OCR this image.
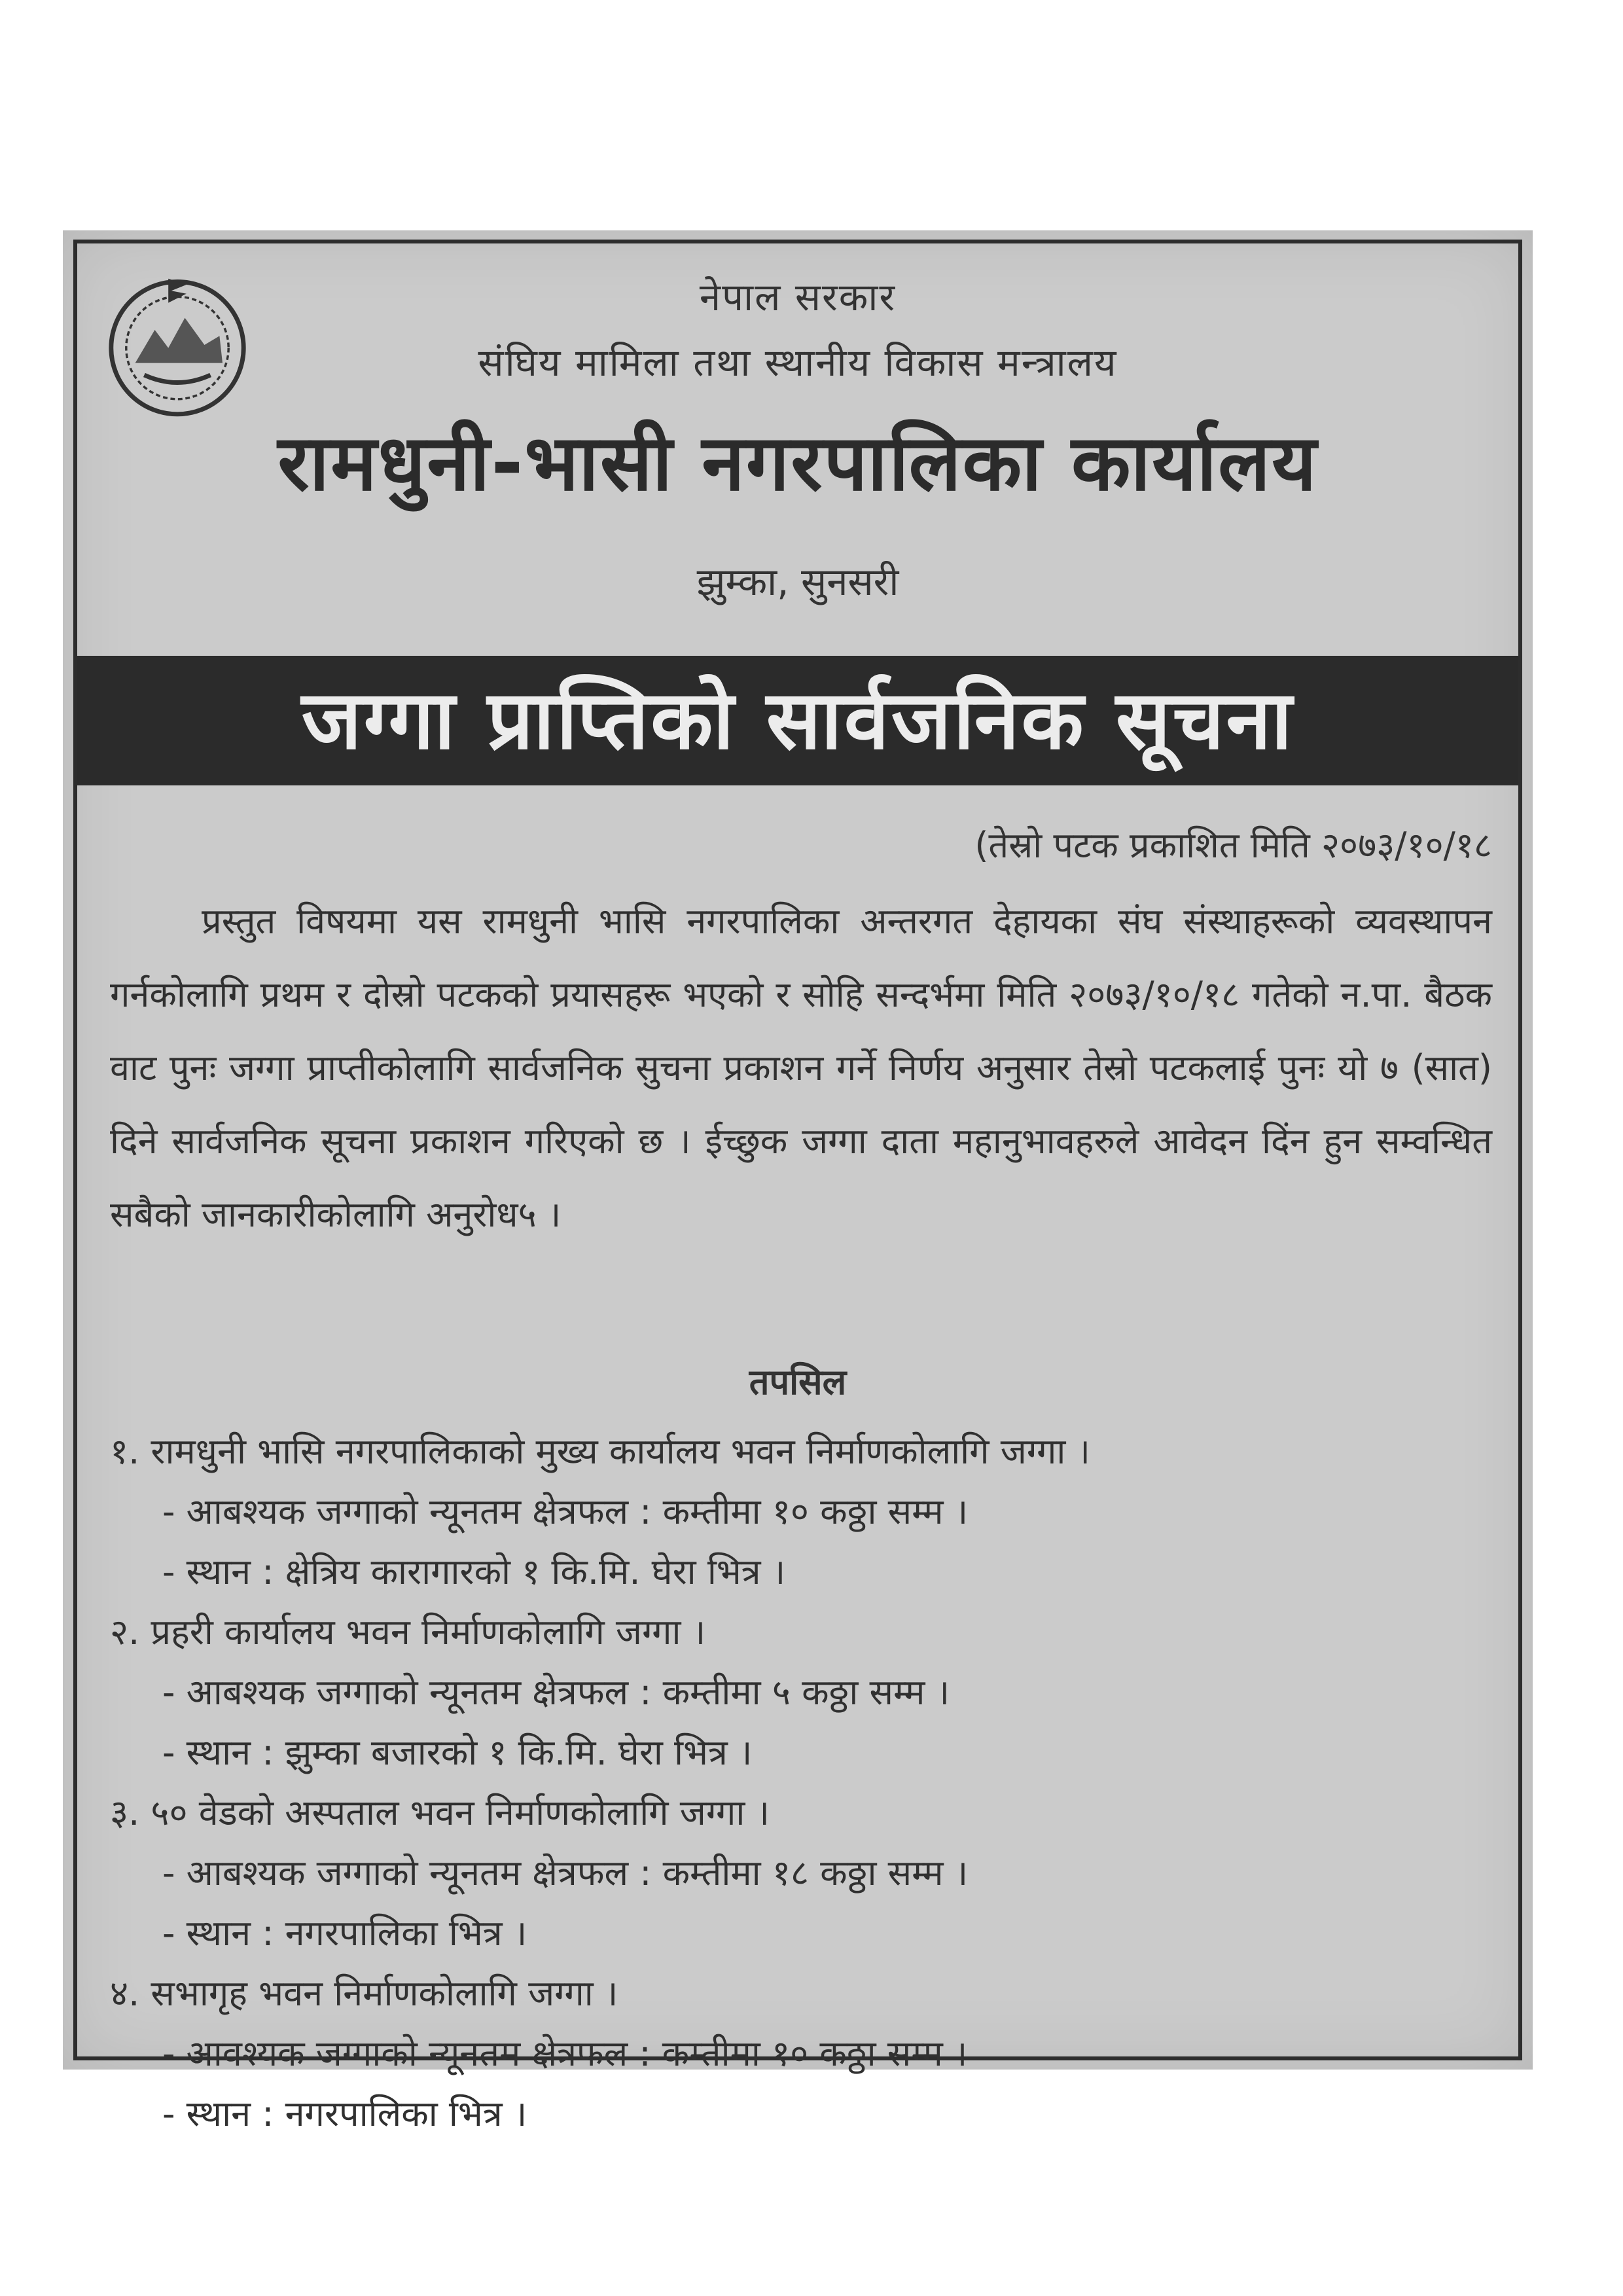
नेपाल सरकार
संघिय मामिला तथा स्थानीय विकास मन्त्रालय
रामधुनी-भासी नगरपालिका कार्यालय
झुम्का, सुनसरी
जग्गा प्राप्तिको सार्वजनिक सूचना
(तेस्रो पटक प्रकाशित मिति २०७३/१०/१८
प्रस्तुत विषयमा यस रामधुनी भासि नगरपालिका अन्तरगत देहायका संघ संस्थाहरूको व्यवस्थापन गर्नकोलागि प्रथम र दोस्रो पटकको प्रयासहरू भएको र सोहि सन्दर्भमा मिति २०७३/१०/१८ गतेको न.पा. बैठक वाट पुनः जग्गा प्राप्तीकोलागि सार्वजनिक सुचना प्रकाशन गर्ने निर्णय अनुसार तेस्रो पटकलाई पुनः यो ७ (सात) दिने सार्वजनिक सूचना प्रकाशन गरिएको छ । ईच्छुक जग्गा दाता महानुभावहरुले आवेदन दिंन हुन सम्वन्धित सबैको जानकारीकोलागि अनुरोध५ ।
तपसिल

१. रामधुनी भासि नगरपालिकाको मुख्य कार्यालय भवन निर्माणकोलागि जग्गा ।

- आबश्यक जग्गाको न्यूनतम क्षेत्रफल : कम्तीमा १० कठ्ठा सम्म ।

- स्थान : क्षेत्रिय कारागारको १ कि.मि. घेरा भित्र ।

२. प्रहरी कार्यालय भवन निर्माणकोलागि जग्गा ।

- आबश्यक जग्गाको न्यूनतम क्षेत्रफल : कम्तीमा ५ कठ्ठा सम्म ।

- स्थान : झुम्का बजारको १ कि.मि. घेरा भित्र ।

३. ५० वेडको अस्पताल भवन निर्माणकोलागि जग्गा ।

- आबश्यक जग्गाको न्यूनतम क्षेत्रफल : कम्तीमा १८ कठ्ठा सम्म ।

- स्थान : नगरपालिका भित्र ।

४. सभागृह भवन निर्माणकोलागि जग्गा ।

- आवश्यक जग्गाको न्यूनतम क्षेत्रफल : कम्तीमा १० कठ्ठा सम्म ।

- स्थान : नगरपालिका भित्र ।
